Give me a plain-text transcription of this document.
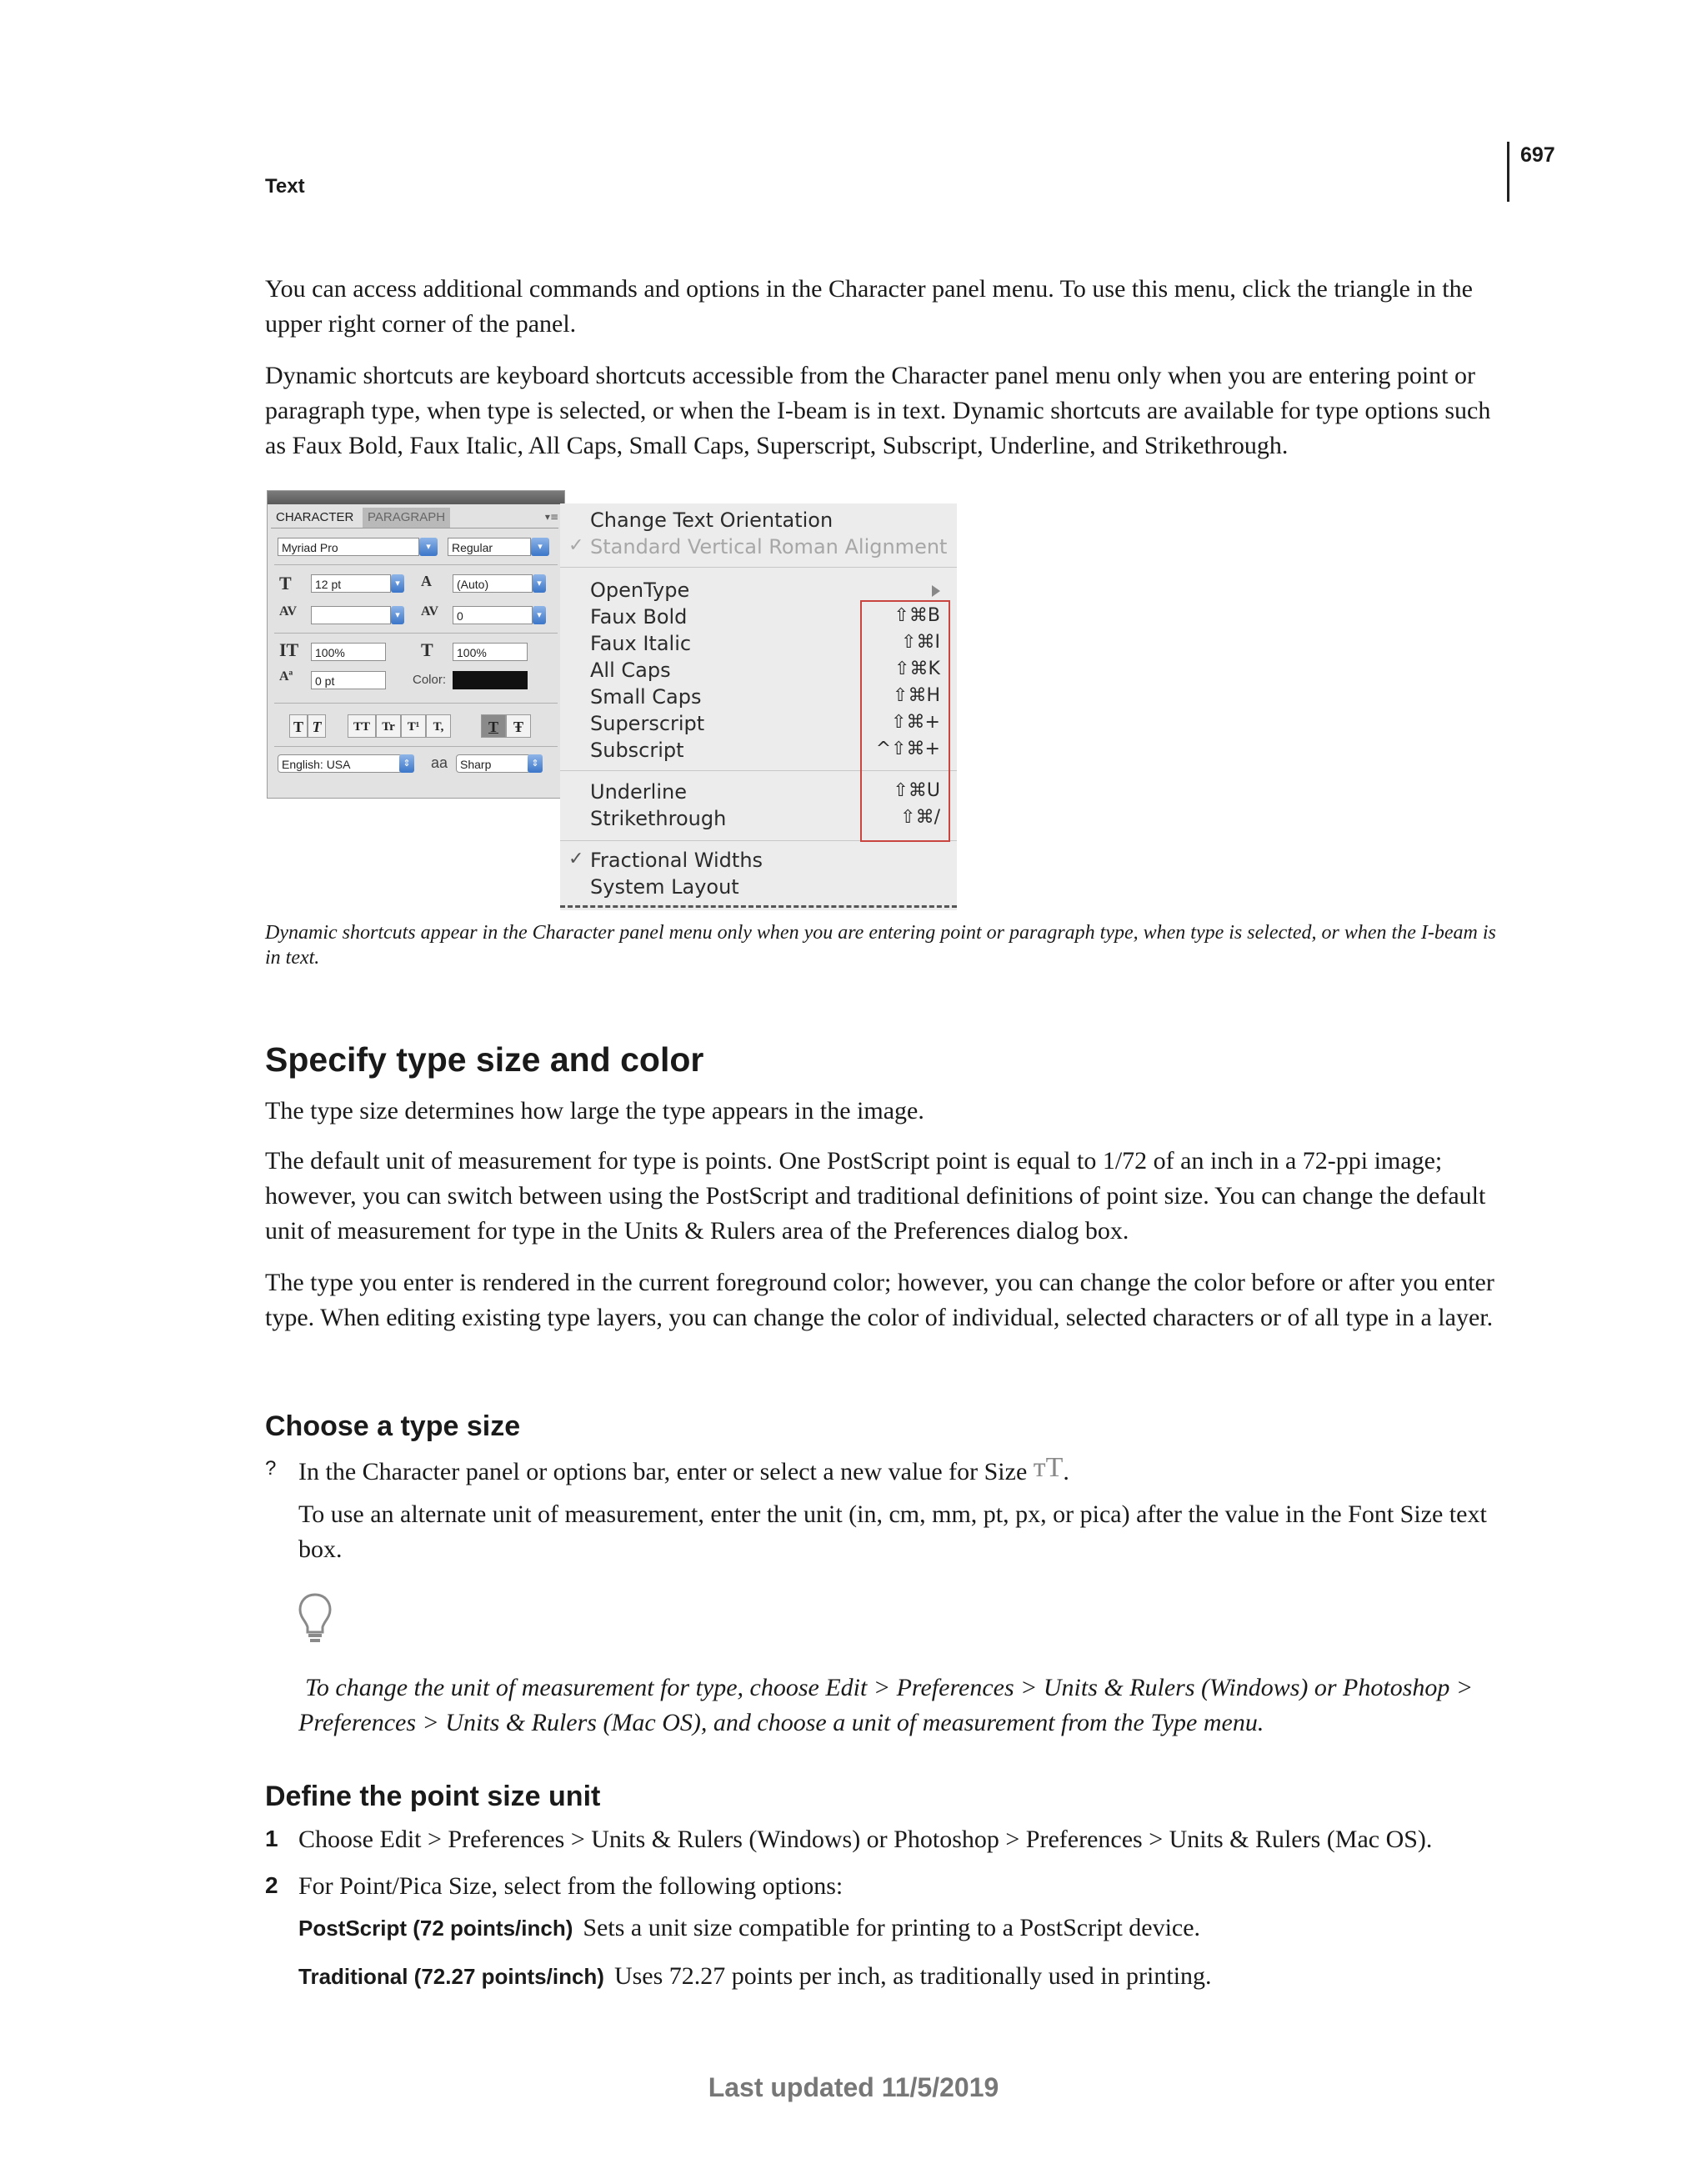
697
Text

You can access additional commands and options in the Character panel menu. To use this menu, click the triangle in the upper right corner of the panel.

Dynamic shortcuts are keyboard shortcuts accessible from the Character panel menu only when you are entering point or paragraph type, when type is selected, or when the I-beam is in text. Dynamic shortcuts are available for type options such as Faux Bold, Faux Italic, All Caps, Small Caps, Superscript, Subscript, Underline, and Strikethrough.

CHARACTER	PARAGRAPH	▾≡
Myriad Pro	▾	Regular	▾
T	12 pt	▾ A	(Auto)	▾
AV	▾	AV	0	▾
IT	100%	T	100%
Aª	0 pt	Color:
T T	TT Tr T¹	T,	T Ŧ
English: USA	⇕ aa	Sharp	⇕
Change Text Orientation
✓ Standard Vertical Roman Alignment
OpenType
Faux Bold	⇧⌘B
Faux Italic	⇧⌘I
All Caps	⇧⌘K
Small Caps	⇧⌘H
Superscript	⇧⌘+
Subscript	^⇧⌘+
Underline	⇧⌘U
Strikethrough	⇧⌘/
✓ Fractional Widths
System Layout
Dynamic shortcuts appear in the Character panel menu only when you are entering point or paragraph type, when type is selected, or when the I-beam is in text.
Specify type size and color

The type size determines how large the type appears in the image.

The default unit of measurement for type is points. One PostScript point is equal to 1/72 of an inch in a 72-ppi image; however, you can switch between using the PostScript and traditional definitions of point size. You can change the default unit of measurement for type in the Units & Rulers area of the Preferences dialog box.

The type you enter is rendered in the current foreground color; however, you can change the color before or after you enter type. When editing existing type layers, you can change the color of individual, selected characters or of all type in a layer.

Choose a type size
? In the Character panel or options bar, enter or select a new value for Size ᴛT.

To use an alternate unit of measurement, enter the unit (in, cm, mm, pt, px, or pica) after the value in the Font Size text box.

To change the unit of measurement for type, choose Edit > Preferences > Units & Rulers (Windows) or Photoshop > Preferences > Units & Rulers (Mac OS), and choose a unit of measurement from the Type menu.

Define the point size unit
1 Choose Edit > Preferences > Units & Rulers (Windows) or Photoshop > Preferences > Units & Rulers (Mac OS).
2 For Point/Pica Size, select from the following options:
PostScript (72 points/inch) Sets a unit size compatible for printing to a PostScript device.
Traditional (72.27 points/inch) Uses 72.27 points per inch, as traditionally used in printing.
Last updated 11/5/2019
